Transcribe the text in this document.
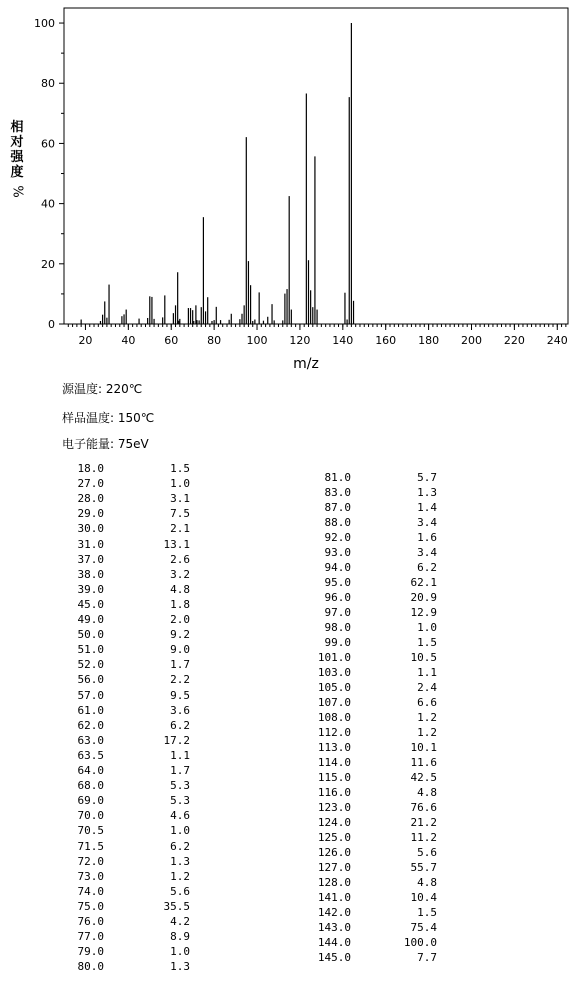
0
20
40
60
80
100
20	40	60	80 100 120 140 160 180 200 220 240
m/z
相对强度
%
源温度: 220℃
样品温度: 150℃
电子能量: 75eV
18.0	1.5
27.0	1.0
28.0	3.1
29.0	7.5
30.0	2.1
31.0	13.1
37.0	2.6
38.0	3.2
39.0	4.8
45.0	1.8
49.0	2.0
50.0	9.2
51.0	9.0
52.0	1.7
56.0	2.2
57.0	9.5
61.0	3.6
62.0	6.2
63.0	17.2
63.5	1.1
64.0	1.7
68.0	5.3
69.0	5.3
70.0	4.6
70.5	1.0
71.5	6.2
72.0	1.3
73.0	1.2
74.0	5.6
75.0	35.5
76.0	4.2
77.0	8.9
79.0	1.0
80.0	1.3
81.0	5.7
83.0	1.3
87.0	1.4
88.0	3.4
92.0	1.6
93.0	3.4
94.0	6.2
95.0	62.1
96.0	20.9
97.0	12.9
98.0	1.0
99.0	1.5
101.0	10.5
103.0	1.1
105.0	2.4
107.0	6.6
108.0	1.2
112.0	1.2
113.0	10.1
114.0	11.6
115.0	42.5
116.0	4.8
123.0	76.6
124.0	21.2
125.0	11.2
126.0	5.6
127.0	55.7
128.0	4.8
141.0	10.4
142.0	1.5
143.0	75.4
144.0	100.0
145.0	7.7
